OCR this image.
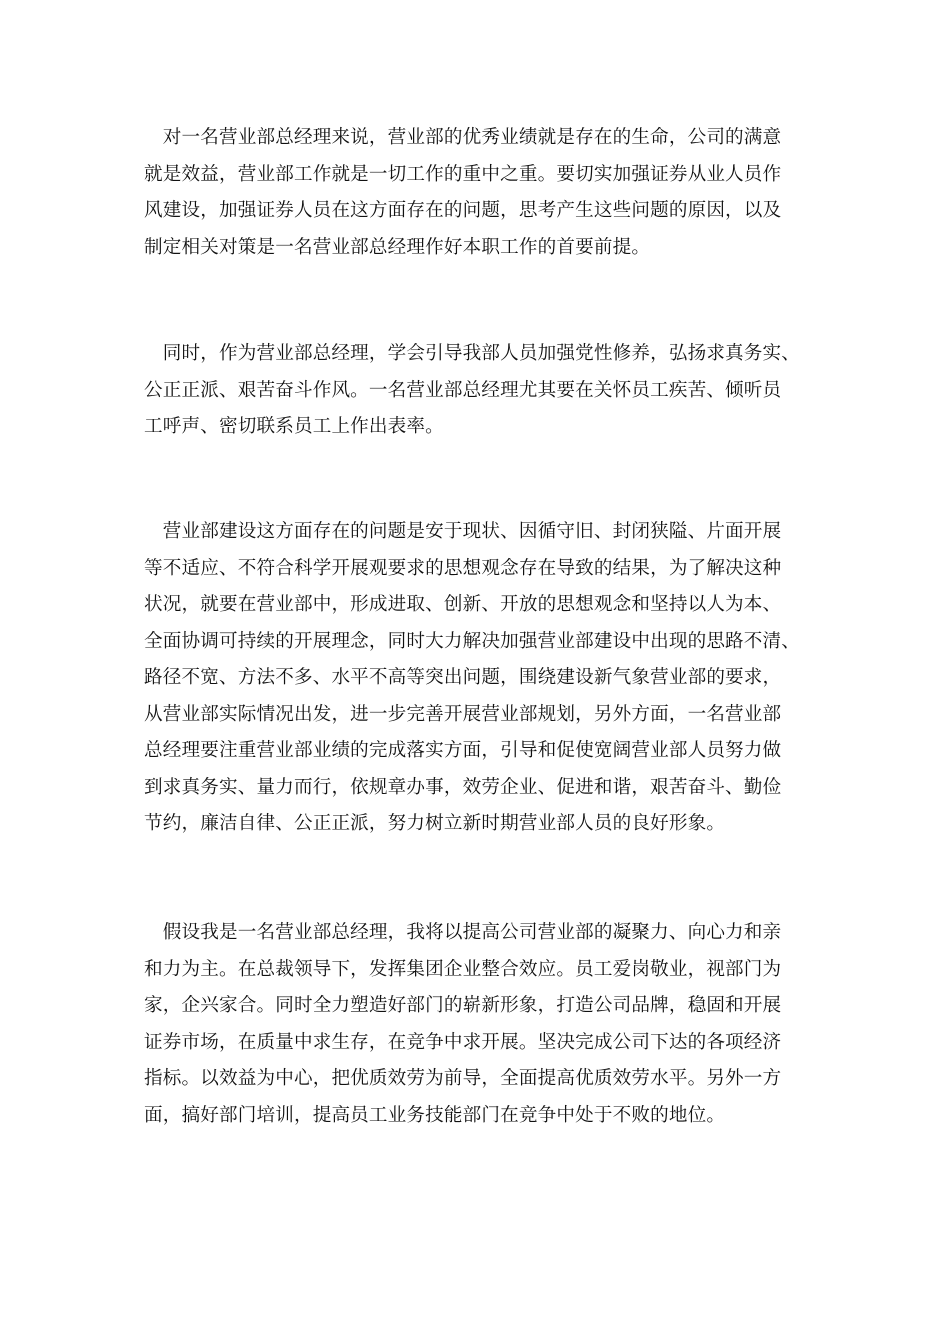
　对一名营业部总经理来说，营业部的优秀业绩就是存在的生命，公司的满意
就是效益，营业部工作就是一切工作的重中之重。要切实加强证券从业人员作
风建设，加强证券人员在这方面存在的问题，思考产生这些问题的原因，以及
制定相关对策是一名营业部总经理作好本职工作的首要前提。

　同时，作为营业部总经理，学会引导我部人员加强党性修养，弘扬求真务实、
公正正派、艰苦奋斗作风。一名营业部总经理尤其要在关怀员工疾苦、倾听员
工呼声、密切联系员工上作出表率。

　营业部建设这方面存在的问题是安于现状、因循守旧、封闭狭隘、片面开展
等不适应、不符合科学开展观要求的思想观念存在导致的结果，为了解决这种
状况，就要在营业部中，形成进取、创新、开放的思想观念和坚持以人为本、
全面协调可持续的开展理念，同时大力解决加强营业部建设中出现的思路不清、
路径不宽、方法不多、水平不高等突出问题，围绕建设新气象营业部的要求，
从营业部实际情况出发，进一步完善开展营业部规划，另外方面，一名营业部
总经理要注重营业部业绩的完成落实方面，引导和促使宽阔营业部人员努力做
到求真务实、量力而行，依规章办事，效劳企业、促进和谐，艰苦奋斗、勤俭
节约，廉洁自律、公正正派，努力树立新时期营业部人员的良好形象。

　假设我是一名营业部总经理，我将以提高公司营业部的凝聚力、向心力和亲
和力为主。在总裁领导下，发挥集团企业整合效应。员工爱岗敬业，视部门为
家，企兴家合。同时全力塑造好部门的崭新形象，打造公司品牌，稳固和开展
证券市场，在质量中求生存，在竞争中求开展。坚决完成公司下达的各项经济
指标。以效益为中心，把优质效劳为前导，全面提高优质效劳水平。另外一方
面，搞好部门培训，提高员工业务技能部门在竞争中处于不败的地位。
